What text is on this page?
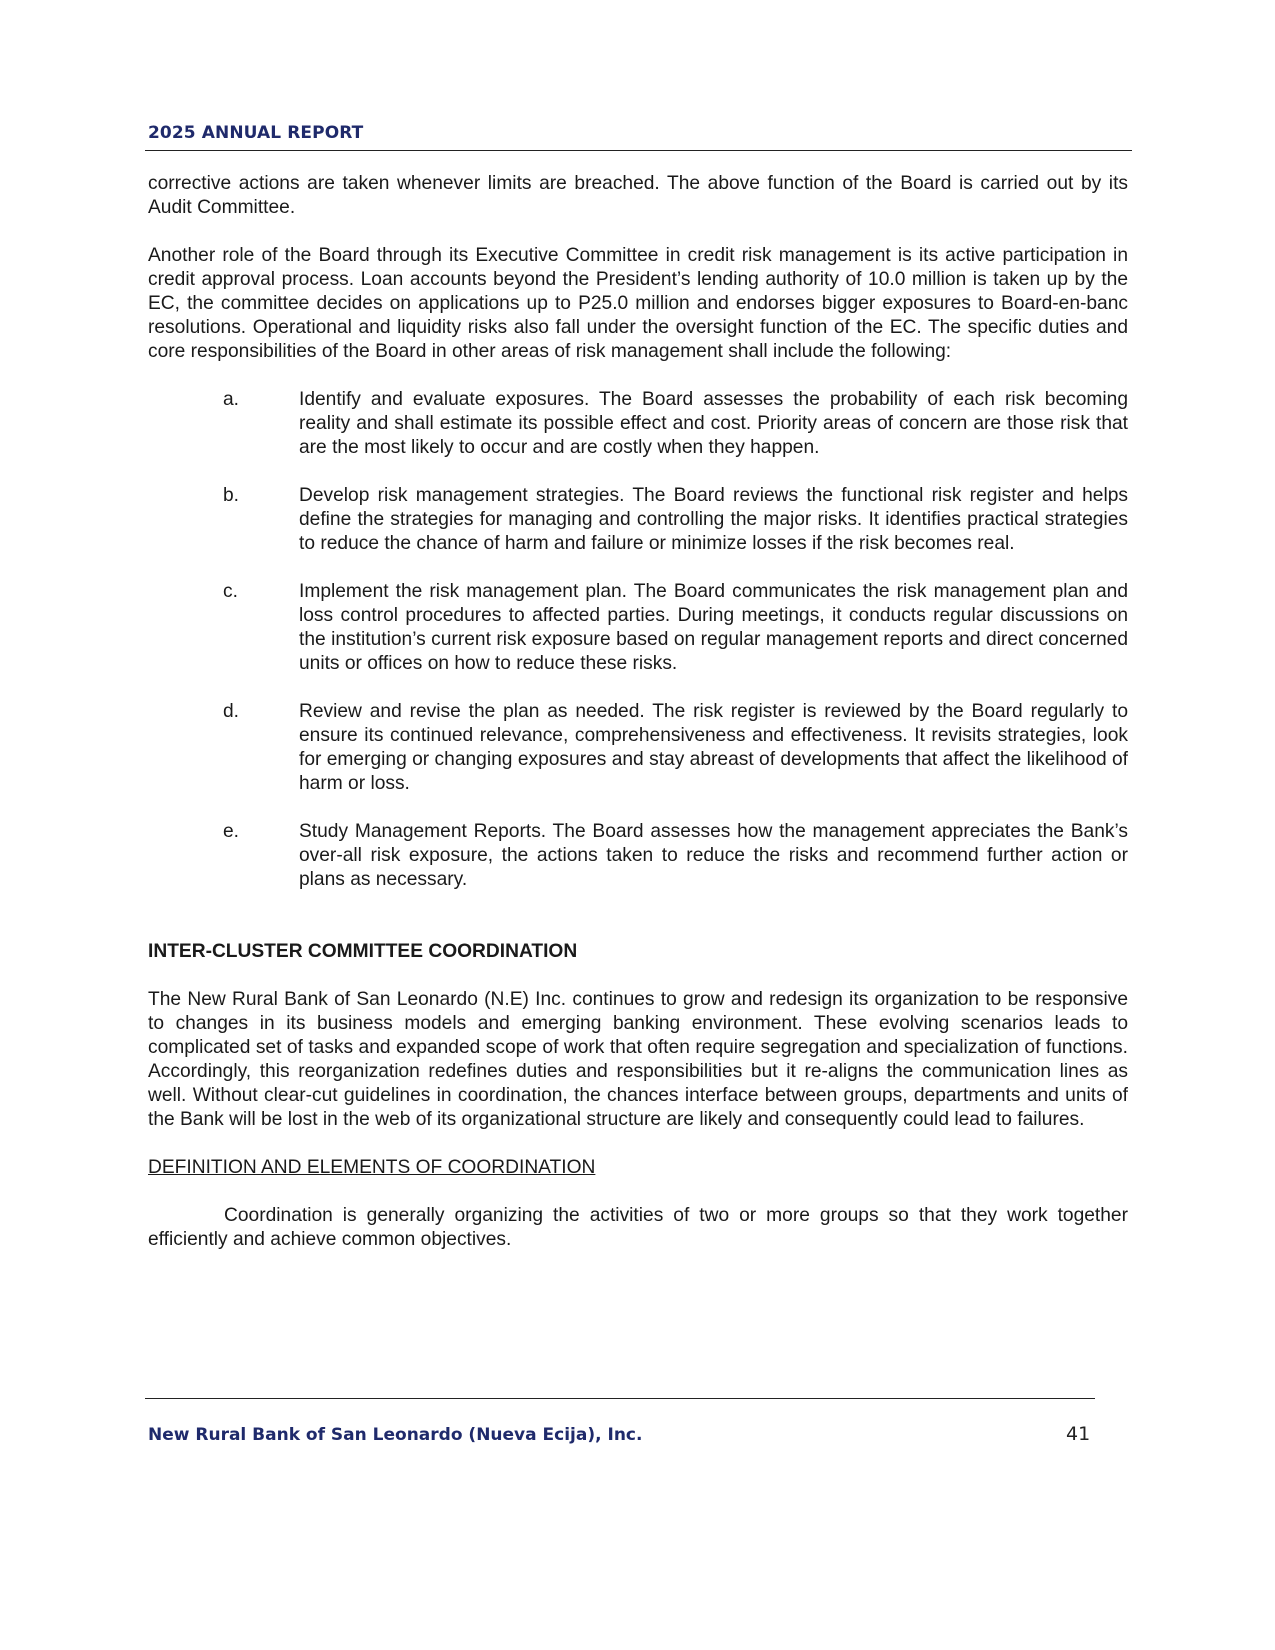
2025 ANNUAL REPORT

corrective actions are taken whenever limits are breached. The above function of the Board is carried out by its Audit Committee.

Another role of the Board through its Executive Committee in credit risk management is its active participation in credit approval process. Loan accounts beyond the President’s lending authority of 10.0 million is taken up by the EC, the committee decides on applications up to P25.0 million and endorses bigger exposures to Board-en-banc resolutions. Operational and liquidity risks also fall under the oversight function of the EC. The specific duties and core responsibilities of the Board in other areas of risk management shall include the following:

a.	Identify and evaluate exposures. The Board assesses the probability of each risk becoming reality and shall estimate its possible effect and cost. Priority areas of concern are those risk that are the most likely to occur and are costly when they happen.

b.	Develop risk management strategies. The Board reviews the functional risk register and helps define the strategies for managing and controlling the major risks. It identifies practical strategies to reduce the chance of harm and failure or minimize losses if the risk becomes real.

c.	Implement the risk management plan. The Board communicates the risk management plan and loss control procedures to affected parties. During meetings, it conducts regular discussions on the institution’s current risk exposure based on regular management reports and direct concerned units or offices on how to reduce these risks.

d.	Review and revise the plan as needed. The risk register is reviewed by the Board regularly to ensure its continued relevance, comprehensiveness and effectiveness. It revisits strategies, look for emerging or changing exposures and stay abreast of developments that affect the likelihood of harm or loss.

e.	Study Management Reports. The Board assesses how the management appreciates the Bank’s over-all risk exposure, the actions taken to reduce the risks and recommend further action or plans as necessary.

INTER-CLUSTER COMMITTEE COORDINATION

The New Rural Bank of San Leonardo (N.E) Inc. continues to grow and redesign its organization to be responsive to changes in its business models and emerging banking environment. These evolving scenarios leads to complicated set of tasks and expanded scope of work that often require segregation and specialization of functions. Accordingly, this reorganization redefines duties and responsibilities but it re-aligns the communication lines as well. Without clear-cut guidelines in coordination, the chances interface between groups, departments and units of the Bank will be lost in the web of its organizational structure are likely and consequently could lead to failures.

DEFINITION AND ELEMENTS OF COORDINATION

Coordination is generally organizing the activities of two or more groups so that they work together efficiently and achieve common objectives.

New Rural Bank of San Leonardo (Nueva Ecija), Inc.	41
